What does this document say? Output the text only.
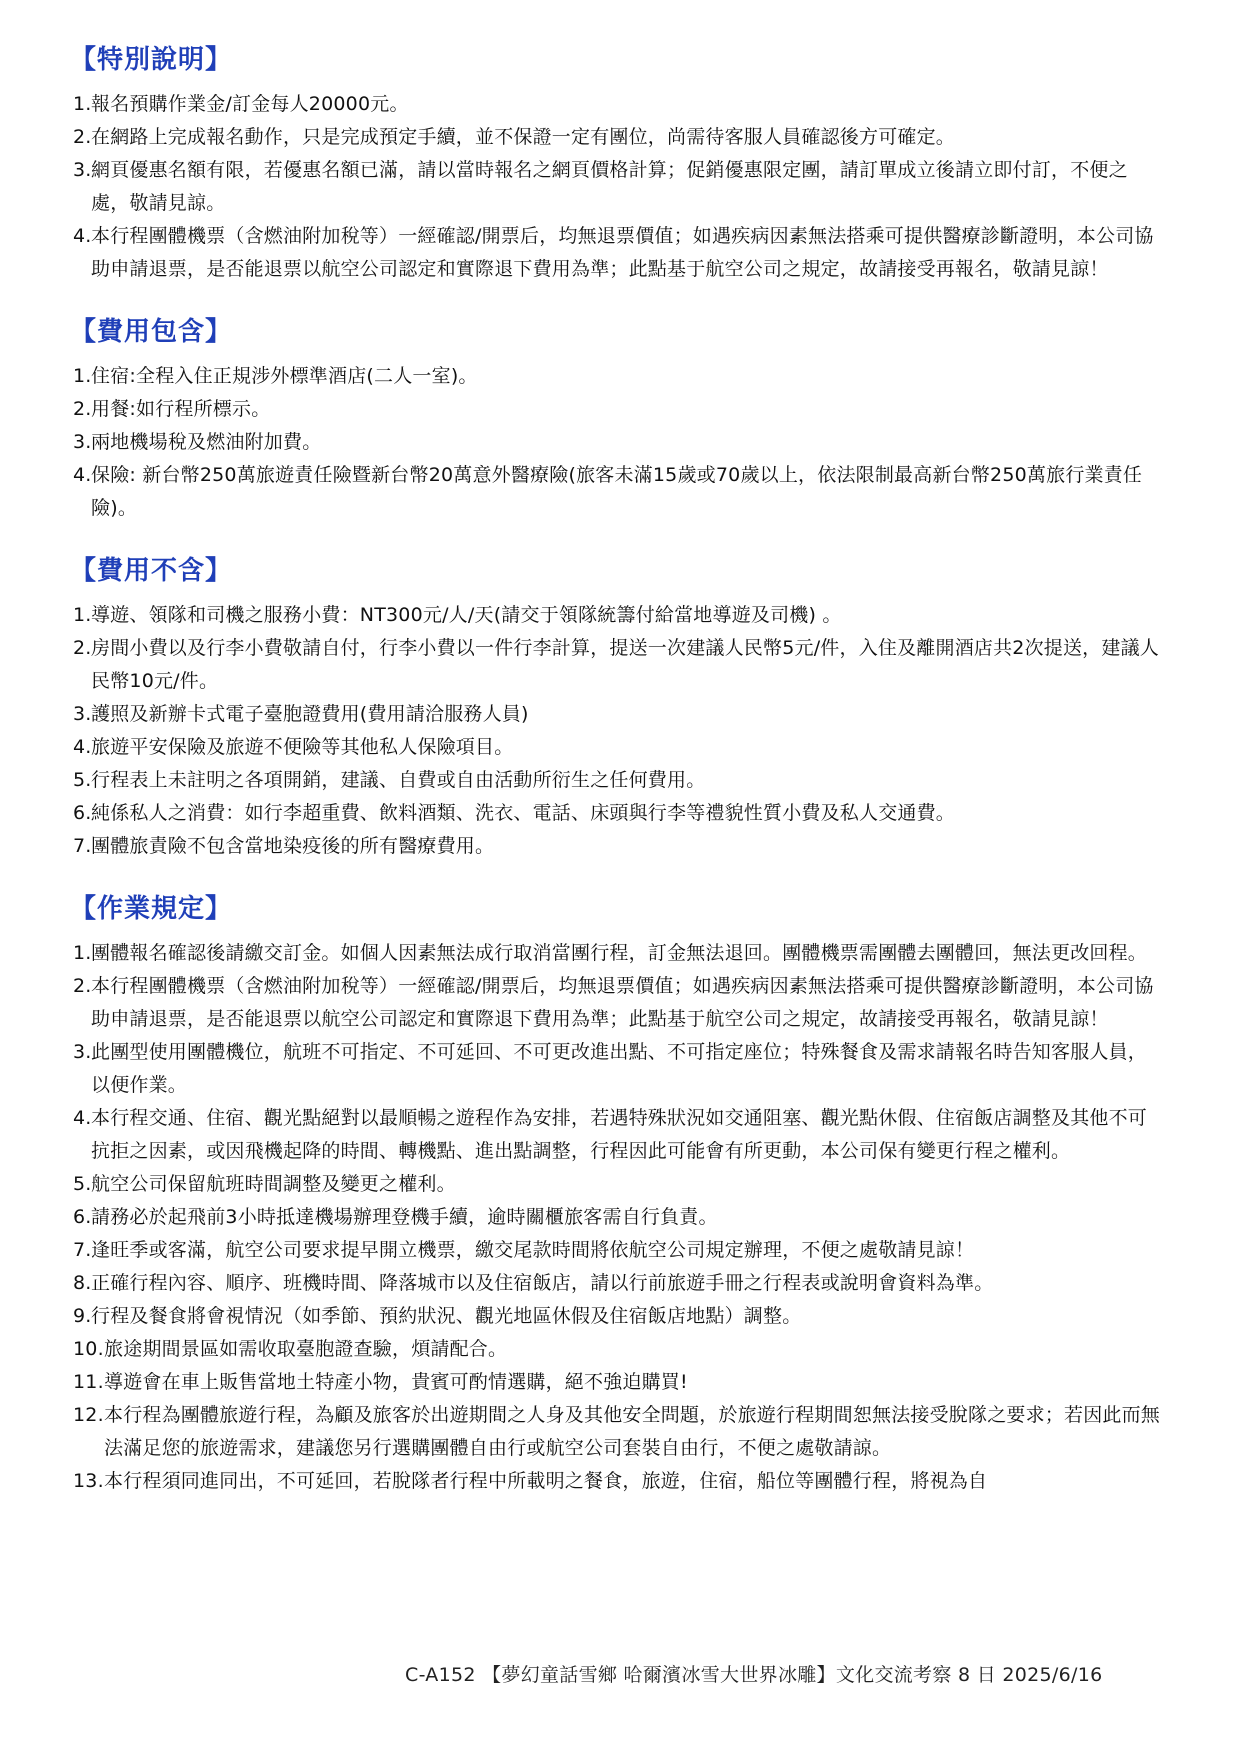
【特別說明】
1. 報名預購作業金/訂金每人20000元。
2. 在網路上完成報名動作，只是完成預定手續，並不保證一定有團位，尚需待客服人員確認後方可確定。
3. 網頁優惠名額有限，若優惠名額已滿，請以當時報名之網頁價格計算；促銷優惠限定團，請訂單成立後請立即付訂，不便之處，敬請見諒。
4. 本行程團體機票（含燃油附加稅等）一經確認/開票后，均無退票價值；如遇疾病因素無法搭乘可提供醫療診斷證明，本公司協助申請退票，是否能退票以航空公司認定和實際退下費用為準；此點基于航空公司之規定，故請接受再報名，敬請見諒！
【費用包含】
1. 住宿:全程入住正規涉外標準酒店(二人一室)。
2. 用餐:如行程所標示。
3. 兩地機場稅及燃油附加費。
4. 保險: 新台幣250萬旅遊責任險暨新台幣20萬意外醫療險(旅客未滿15歲或70歲以上，依法限制最高新台幣250萬旅行業責任險)。
【費用不含】
1. 導遊、領隊和司機之服務小費：NT300元/人/天(請交于領隊統籌付給當地導遊及司機) 。
2. 房間小費以及行李小費敬請自付，行李小費以一件行李計算，提送一次建議人民幣5元/件，入住及離開酒店共2次提送，建議人民幣10元/件。
3. 護照及新辦卡式電子臺胞證費用(費用請洽服務人員)
4. 旅遊平安保險及旅遊不便險等其他私人保險項目。
5. 行程表上未註明之各項開銷，建議、自費或自由活動所衍生之任何費用。
6. 純係私人之消費：如行李超重費、飲料酒類、洗衣、電話、床頭與行李等禮貌性質小費及私人交通費。
7. 團體旅責險不包含當地染疫後的所有醫療費用。
【作業規定】
1. 團體報名確認後請繳交訂金。如個人因素無法成行取消當團行程，訂金無法退回。團體機票需團體去團體回，無法更改回程。
2. 本行程團體機票（含燃油附加稅等）一經確認/開票后，均無退票價值；如遇疾病因素無法搭乘可提供醫療診斷證明，本公司協助申請退票，是否能退票以航空公司認定和實際退下費用為準；此點基于航空公司之規定，故請接受再報名，敬請見諒！
3. 此團型使用團體機位，航班不可指定、不可延回、不可更改進出點、不可指定座位；特殊餐食及需求請報名時告知客服人員，以便作業。
4. 本行程交通、住宿、觀光點絕對以最順暢之遊程作為安排，若遇特殊狀況如交通阻塞、觀光點休假、住宿飯店調整及其他不可抗拒之因素，或因飛機起降的時間、轉機點、進出點調整，行程因此可能會有所更動，本公司保有變更行程之權利。
5. 航空公司保留航班時間調整及變更之權利。
6. 請務必於起飛前3小時抵達機場辦理登機手續，逾時關櫃旅客需自行負責。
7. 逢旺季或客滿，航空公司要求提早開立機票，繳交尾款時間將依航空公司規定辦理，不便之處敬請見諒！
8. 正確行程內容、順序、班機時間、降落城市以及住宿飯店，請以行前旅遊手冊之行程表或說明會資料為準。
9. 行程及餐食將會視情況（如季節、預約狀況、觀光地區休假及住宿飯店地點）調整。
10. 旅途期間景區如需收取臺胞證查驗，煩請配合。
11. 導遊會在車上販售當地土特產小物，貴賓可酌情選購，絕不強迫購買!
12. 本行程為團體旅遊行程，為顧及旅客於出遊期間之人身及其他安全問題，於旅遊行程期間恕無法接受脫隊之要求；若因此而無法滿足您的旅遊需求，建議您另行選購團體自由行或航空公司套裝自由行，不便之處敬請諒。
13. 本行程須同進同出，不可延回，若脫隊者行程中所載明之餐食，旅遊，住宿，船位等團體行程，將視為自
C-A152 【夢幻童話雪鄉 哈爾濱冰雪大世界冰雕】文化交流考察 8 日 2025/6/16
